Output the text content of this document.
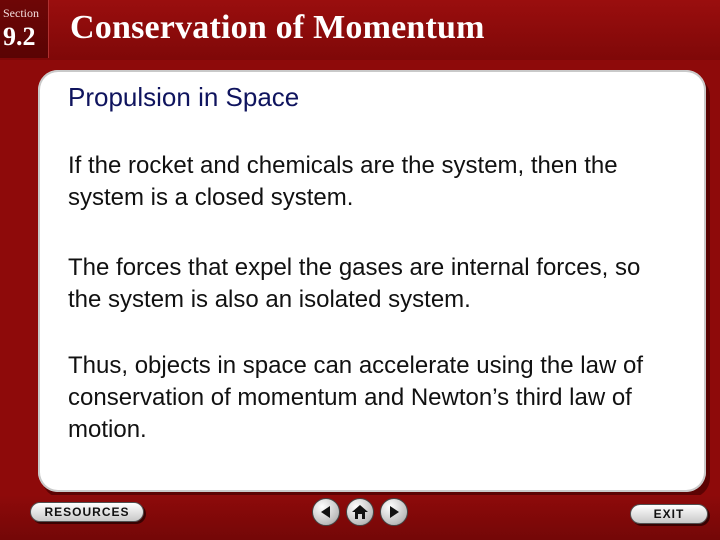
Section
9.2 Conservation of Momentum
Propulsion in Space
If the rocket and chemicals are the system, then the system is a closed system.
The forces that expel the gases are internal forces, so the system is also an isolated system.
Thus, objects in space can accelerate using the law of conservation of momentum and Newton’s third law of motion.
RESOURCES	EXIT
